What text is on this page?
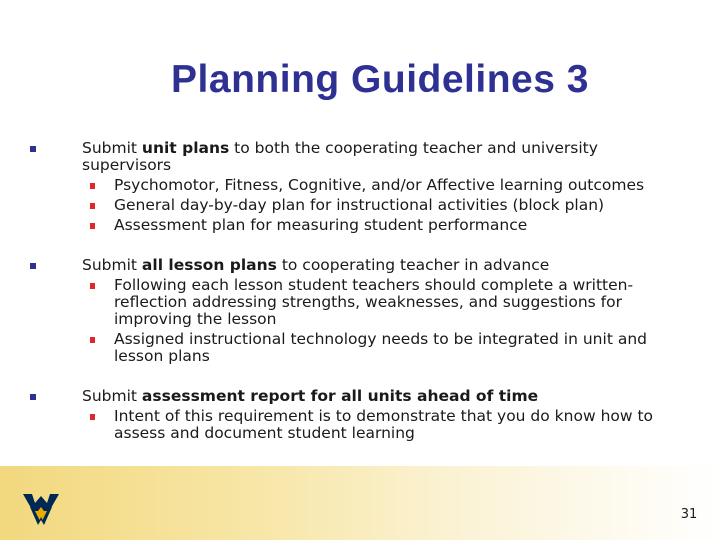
Planning Guidelines 3
Submit unit plans to both the cooperating teacher and university supervisors
Psychomotor, Fitness, Cognitive, and/or Affective learning outcomes
General day-by-day plan for instructional activities (block plan)
Assessment plan for measuring student performance
Submit all lesson plans to cooperating teacher in advance
Following each lesson student teachers should complete a written-reflection addressing strengths, weaknesses, and suggestions for improving the lesson
Assigned instructional technology needs to be integrated in unit and lesson plans
Submit assessment report for all units ahead of time
Intent of this requirement is to demonstrate that you do know how to assess and document student learning
31
